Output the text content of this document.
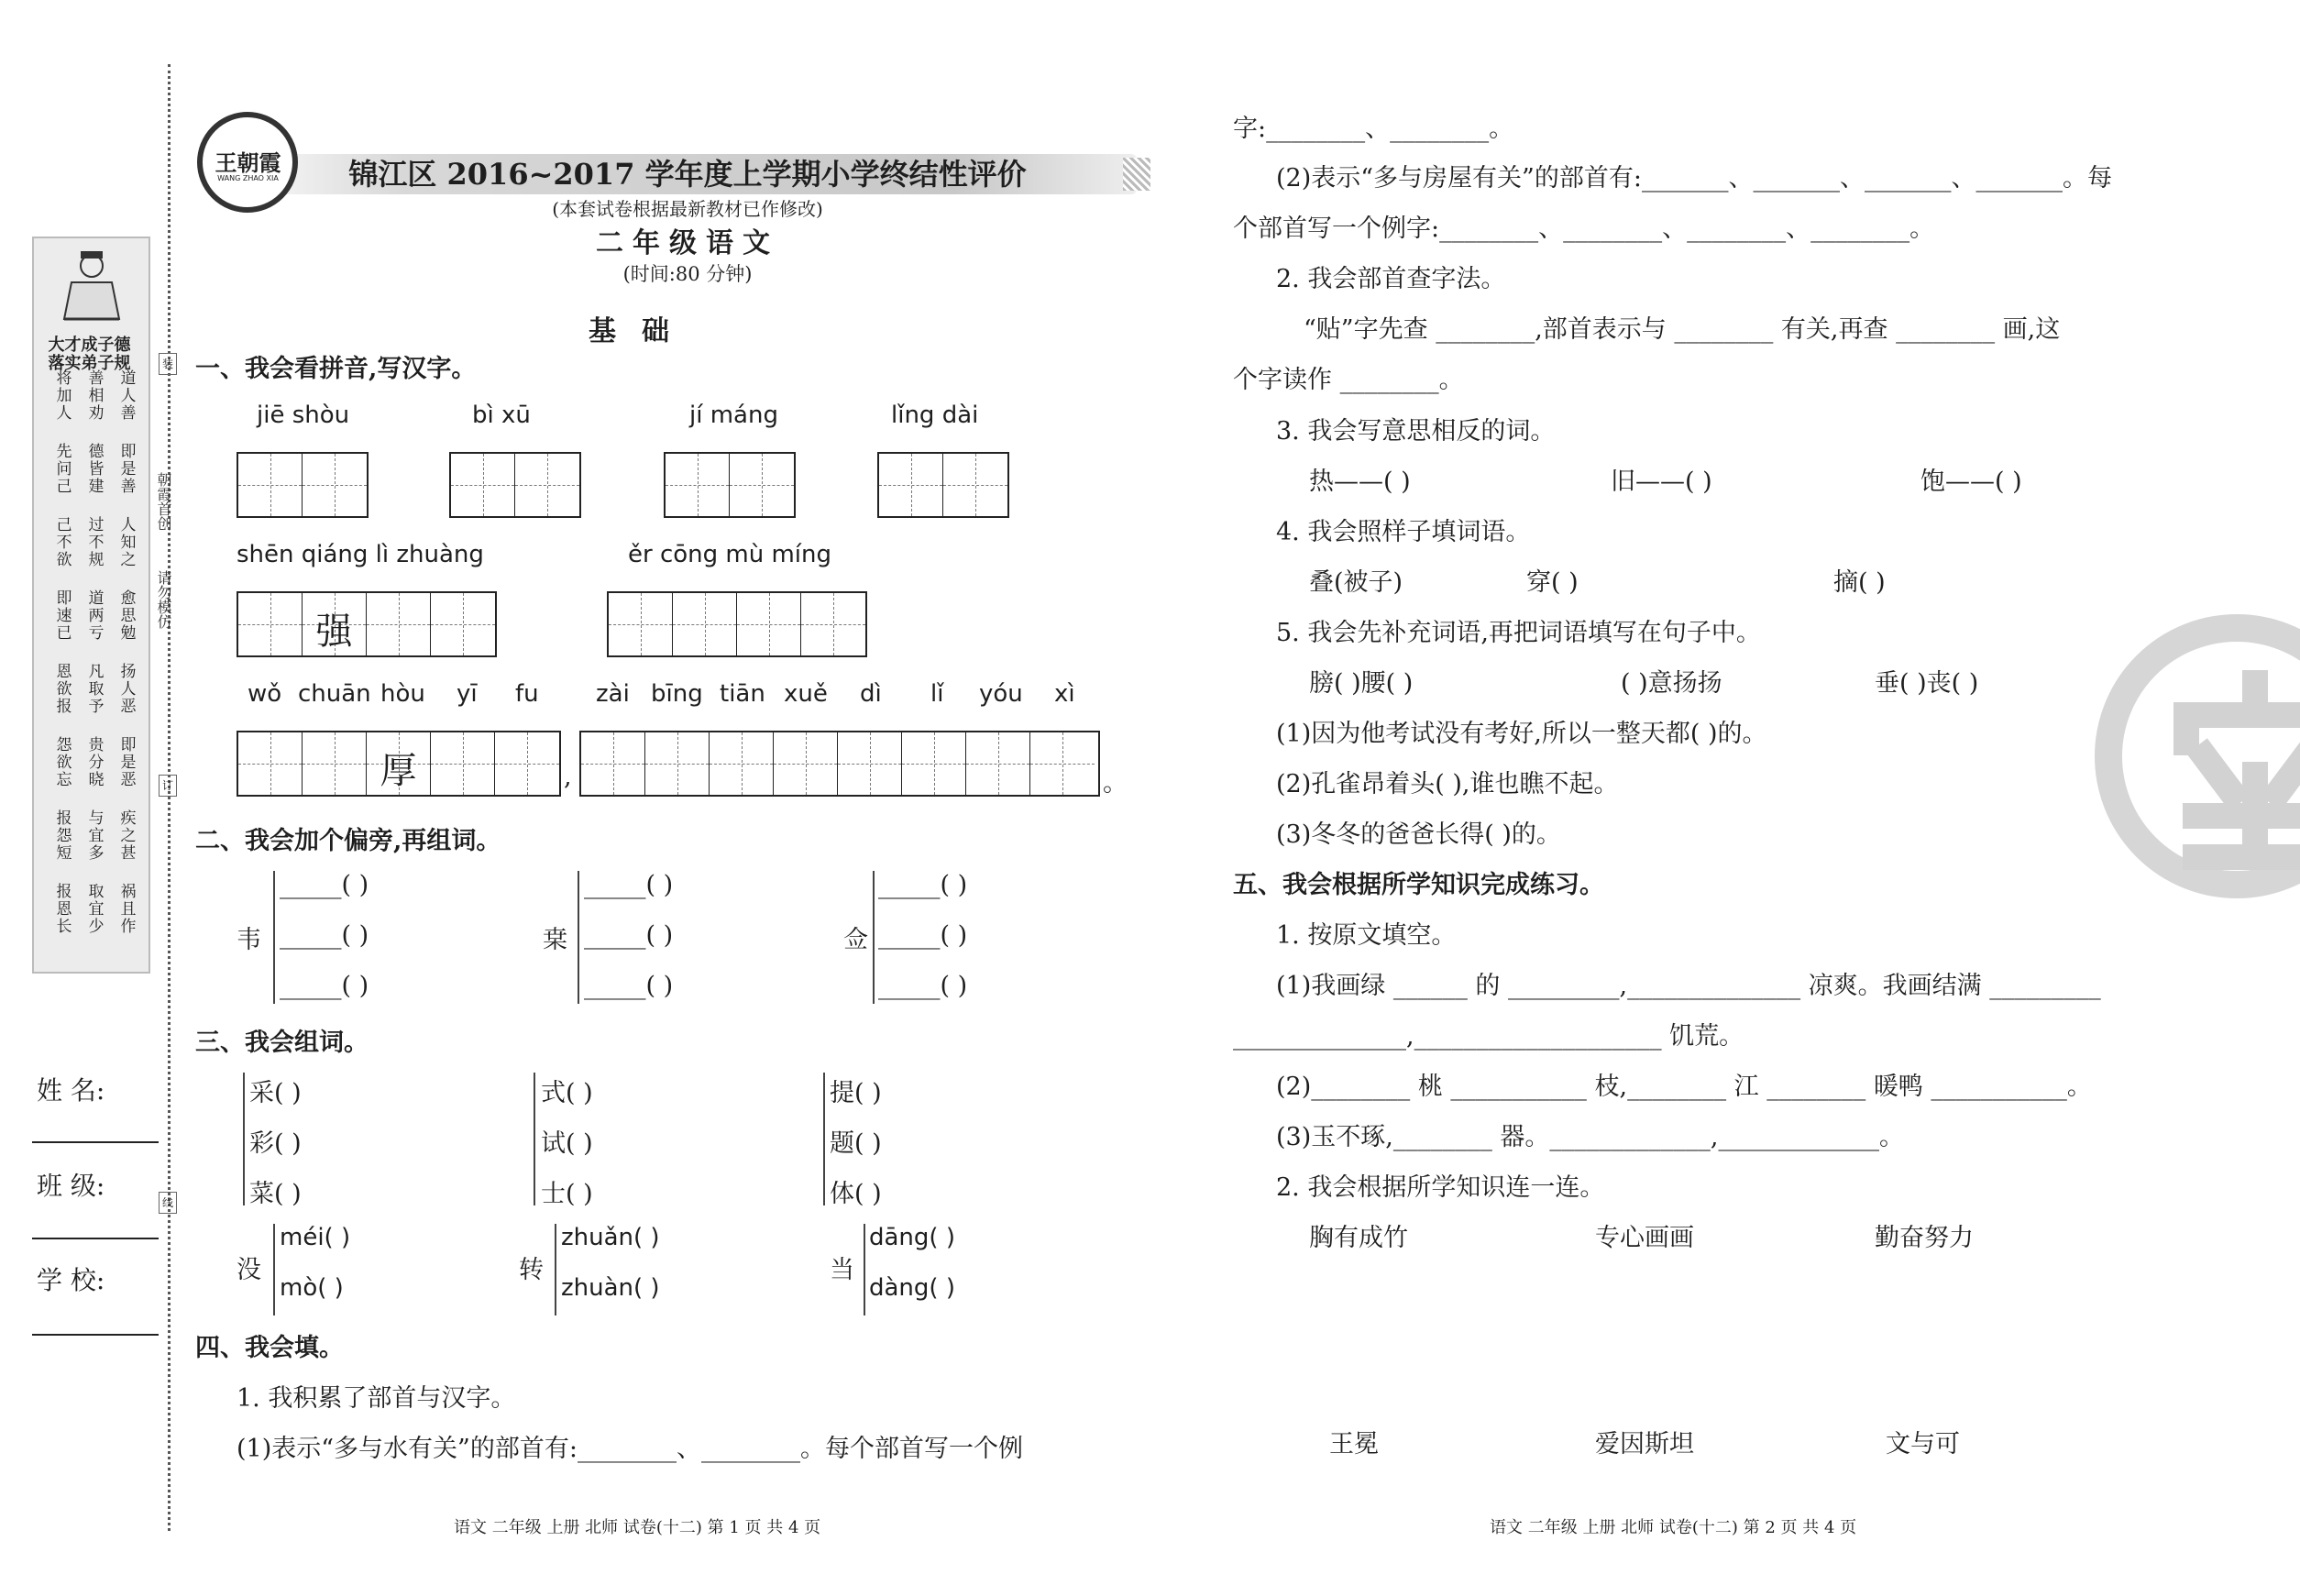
大才成子德
落实弟子规
将加人 善相劝 道人善
先问己 德皆建 即是善
己不欲 过不规 人知之
即速已 道两亏 愈思勉
恩欲报 凡取予 扬人恶
怨欲忘 贵分晓 即是恶
报怨短 与宜多 疾之甚
报恩长 取宜少 祸且作
朝霞首创
请勿模仿
装
订
线
姓 名:
班 级:
学 校:
王朝霞
WANG ZHAO XIA	锦江区 2016~2017 学年度上学期小学终结性评价
(本套试卷根据最新教材已作修改)
二年级语文
(时间:80 分钟)
基础
一、我会看拼音,写汉字。
jiē shòu	bì xū	jí máng	lǐng dài
shēn qiáng lì zhuàng	ěr cōng mù míng
强
wǒ chuān hòu yī fu zài bīng tiān xuě dì lǐ yóu xì
厚	,	。
二、我会加个偏旁,再组词。
韦
_____( )
_____( )
_____( )
枽
_____( )
_____( )
_____( )
佥
_____( )
_____( )
_____( )
三、我会组词。
采( )
彩( )
菜( )
式( )
试( )
士( )
提( )
题( )
体( )
没
méi( )
mò( )
转
zhuǎn( )
zhuàn( )
当
dāng( )
dàng( )
四、我会填。
1. 我积累了部首与汉字。
(1)表示“多与水有关”的部首有:________、________。每个部首写一个例
语文 二年级 上册 北师 试卷(十二) 第 1 页 共 4 页	语文 二年级 上册 北师 试卷(十二) 第 2 页 共 4 页
字:________、________。
(2)表示“多与房屋有关”的部首有:_______、_______、_______、_______。每
个部首写一个例字:________、________、________、________。
2. 我会部首查字法。
“贴”字先查 ________,部首表示与 ________ 有关,再查 ________ 画,这
个字读作 ________。
3. 我会写意思相反的词。
热——( )	旧——( )	饱——( )
4. 我会照样子填词语。
叠(被子)	穿( )	摘( )
5. 我会先补充词语,再把词语填写在句子中。
膀( )腰( )	( )意扬扬	垂( )丧( )
(1)因为他考试没有考好,所以一整天都( )的。
(2)孔雀昂着头( ),谁也瞧不起。
(3)冬冬的爸爸长得( )的。
五、我会根据所学知识完成练习。
1. 按原文填空。
(1)我画绿 ______ 的 _________,______________ 凉爽。我画结满 _________
______________,____________________ 饥荒。
(2)________ 桃 ___________ 枝,________ 江 ________ 暖鸭 ___________。
(3)玉不琢,________ 器。_____________,_____________。
2. 我会根据所学知识连一连。
胸有成竹	专心画画	勤奋努力
王冕	爱因斯坦	文与可
